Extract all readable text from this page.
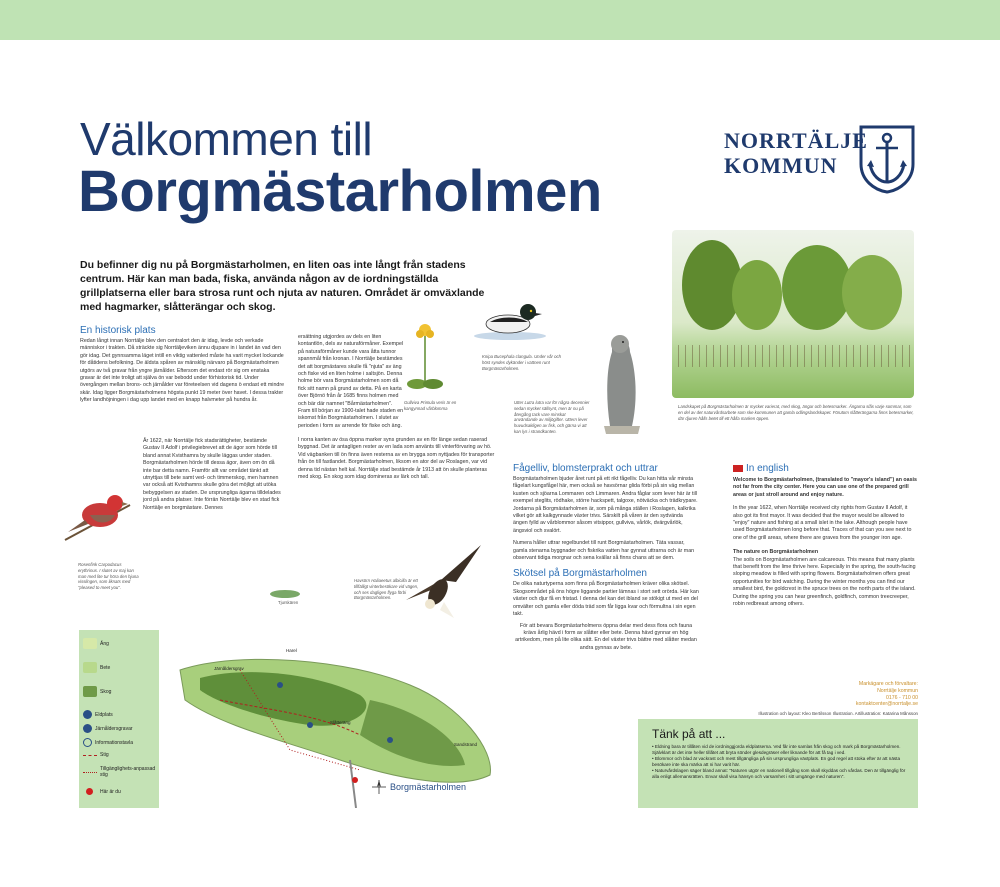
Välkommen till
Borgmästarholmen
NORRTÄLJE
KOMMUN
Du befinner dig nu på Borgmästarholmen, en liten oas inte långt från stadens centrum. Här kan man bada, fiska, använda någon av de iordningställda grillplatserna eller bara strosa runt och njuta av naturen. Området är omväxlande med hagmarker, slåtterängar och skog.
En historisk plats
Redan långt innan Norrtälje blev den centralort den är idag, levde och verkade människor i trakten. Då sträckte sig Norrtäljeviken ännu djupare in i landet än vad den gör idag. Det gynnsamma läget intill en viktig vattenled måste ha varit mycket lockande för dåtidens befolkning. De äldsta spåren av mänsklig närvaro på Borgmästarholmen utgörs av två gravar från yngre järnålder. Eftersom det endast rör sig om enstaka gravar är det inte troligt att själva ön var bebodd under förhistorisk tid. Under övergången mellan brons- och järnålder var företeelsen vid dagens ö endast ett mindre skär. Idag ligger Borgmästarholmens högsta punkt 19 meter över havet. I dessa trakter lyfter landhöjningen i dag upp landet med en knapp halvmeter på hundra år.
År 1622, när Norrtälje fick stadsrättigheter, bestämde Gustav II Adolf i privilegiebrevet att de ägor som hörde till bland annat Kvisthamra by skulle läggas under staden. Borgmästarholmen hörde till dessa ägor, även om ön då inte bar detta namn. Framför allt var området tänkt att utnyttjas till bete samt ved- och timmerskog, men hamnen var också att Kvisthamns skulle göra det möjligt att utöka bebyggelsen av staden. De ursprungliga ägarna tilldelades jord på andra platser. Inte förrän Norrtälje blev en stad fick Norrtälje en borgmästare. Dennes
ersättning utgjordes av dels en liten kontantlön, dels av naturaförmåner. Exempel på naturaförmåner kunde vara åtta tunnor spannmål från kronan. I Norrtälje bestämdes det att borgmästares skulle få "njuta" av äng och fiske vid en liten holme i saltsjön. Denna holme bör vara Borgmästarholmen som då fick sitt namn på grund av detta. På en karta över Björnö från år 1685 finns holmen med och bär där namnet "Bårmästarholmen". Fram till början av 1900-talet hade staden en iskomst från Borgmästarholmen. I slutet av perioden i form av arrende för fiske och äng.
I norra kanten av ösa öppna marker syns grunden av en för länge sedan raserad byggnad. Det är antagligen rester av en lada som använts till vinterförvaring av hö. Vid vägbanken till ön finns även resterna av en brygga som nyttjades för transporter från ön till fastlandet. Borgmästarholmen, liksom en ator del av Roslagen, var vid denna tid nästan helt kal. Norrtälje stad bestämde år 1913 att ön skulle planteras med skog. En skog som idag domineras av lärk och tall.
Rosenfink Carpodacus erythrinus. I slutet av maj kan man med lite tur höra den hjuna visslingen, som liknats med "pleased to meet you".
Gullviva Primula veris är en kangynnad vårblomma
Knipa Bucephala clangula. Under vår och höst syndes dykänder i vattnen runt Borgmästarholmen.
Utter Lutra lutra var för några decennier sedan mycket sällsynt, men är nu på återgång tack vare minskat användande av miljögifter. Uttern lever huvudsakligen av fisk, och gärna vi att kan lys i strandkanten.
Landskapet på Borgmästarholmen är mycket varierat, med skog, ängar och betesmarker. Ängarna slås varje sommar, som en del av det naturvårdsarbete som ske kommunen att gamla odlingslandskapet. Förutom slåtterängarna finns betesmarker, där djuren hålls betet till ett hålla marken öppen.
Fågelliv, blomsterprakt och uttrar
Borgmästarholmen bjuder året runt på ett rikt fågelliv. Du kan hitta vår minsta fågelart kungsfågel här, men också se havsörnar glida förbi på sin väg mellan kusten och sjöarna Lommaren och Limmaren. Andra fåglar som lever här är till exempel steglits, rödhake, större hackspett, talgoxe, nötväcka och trädkrypare. Jordarna på Borgmästarholmen är, som på många ställen i Roslagen, kalkrika vilket gör att kalkgynnade växter trivs. Särskilt på våren är den sydvända ängen fylld av vårblommor såsom vitsippor, gullviva, vårlök, dvärgvårlök, ängsviol och svalört.
Numera håller uttrar regelbundet till runt Borgmästarholmen. Täta vassar, gamla stenarna byggnader och fiskrika vatten har gynnat uttrarna och är man observant tidiga morgnar och sena kvällar så finns chans att se dem.
Skötsel på Borgmästarholmen
De olika naturtyperna som finns på Borgmästarholmen kräver olika skötsel. Skogsområdet på öns högre liggande partier lämnas i stort sett orörda. Här kan växter och djur få en fristad. I denna del kan det ibland se stökigt ut med en del omvälter och gamla eller döda träd som får ligga kvar och förmultna i sin egen takt.
För att bevara Borgmästarholmens öppna delar med dess flora och fauna krävs årlig hävd i form av slåtter eller bete. Denna hävd gynnar en hög artrikedom, men på lite olika sätt. En del växter trivs bättre med slåtter medan andra gynnas av bete.
Havsörn Haliaeetus albicilla är ett tillfälligt vinterbesökare vid vägen, och ses dagligen flyga förbi Borgmästarholmen.
Tjurskären
In english
Welcome to Borgmästarholmen, (translated to "mayor's island") an oasis not far from the city center. Here you can use one of the prepared grill areas or just stroll around and enjoy nature.
In the year 1622, when Norrtälje received city rights from Gustav II Adolf, it also got its first mayor. It was decided that the mayor would be allowed to "enjoy" nature and fishing at a small islet in the lake. Although people have used Borgmästarholmen long before that. Traces of that can you see next to one of the grill areas, where there are graves from the younger iron age.
The nature on Borgmästarholmen
The soils on Borgmästarholmen are calcareous. This means that many plants that benefit from the lime thrive here. Especially in the spring, the south-facing sloping meadow is filled with spring flowers. Borgmästarholmen offers great opportunities for bird watching. During the winter months you can find our smallest bird, the goldcrest in the spruce trees on the north parts of the island. During the spring you can hear greenfinch, goldfinch, common treecreeper, robin redbreast among others.
Markägare och förvaltare:
Norrtälje kommun
0176 - 710 00
kontaktcenter@norrtalje.se
Illustration och layout: Kleo Bertilsson Illustration. Artillustration: Katarina Månsson
Äng
Bete
Skog
Eldplats
Järnåldersgravar
Informationstavla
Stig
Tillgänglighets-anpassad stig
Här är du
Harel
Järnåldersgrav
Slåtteräng
Sandstrand
Borgmästarholmen
Tänk på att ...
• Eldning bara är tillåten vid de iordninggjorda eldplatserna. Ved får inte samlas från skog och mark på Borgmästarholmen. Självklart är det inte heller tillåtet att bryta sönder glesdegräser eller liknande för att få tag i ved.
• Blommor och blad är vackrast och mest tillgängliga på sin ursprungliga växtplats. En god regel att stoka efter är att nästa besökare inte ska märka att ni har varit här.
• Naturvårdslagen säger bland annat: "Naturen utgör en nationell tillgång som skall skyddas och vårdas. Den är tillgänglig för alla enligt allemansrätten. Envar skall visa hänsyn och varsamhet i sitt umgänge med naturen".
